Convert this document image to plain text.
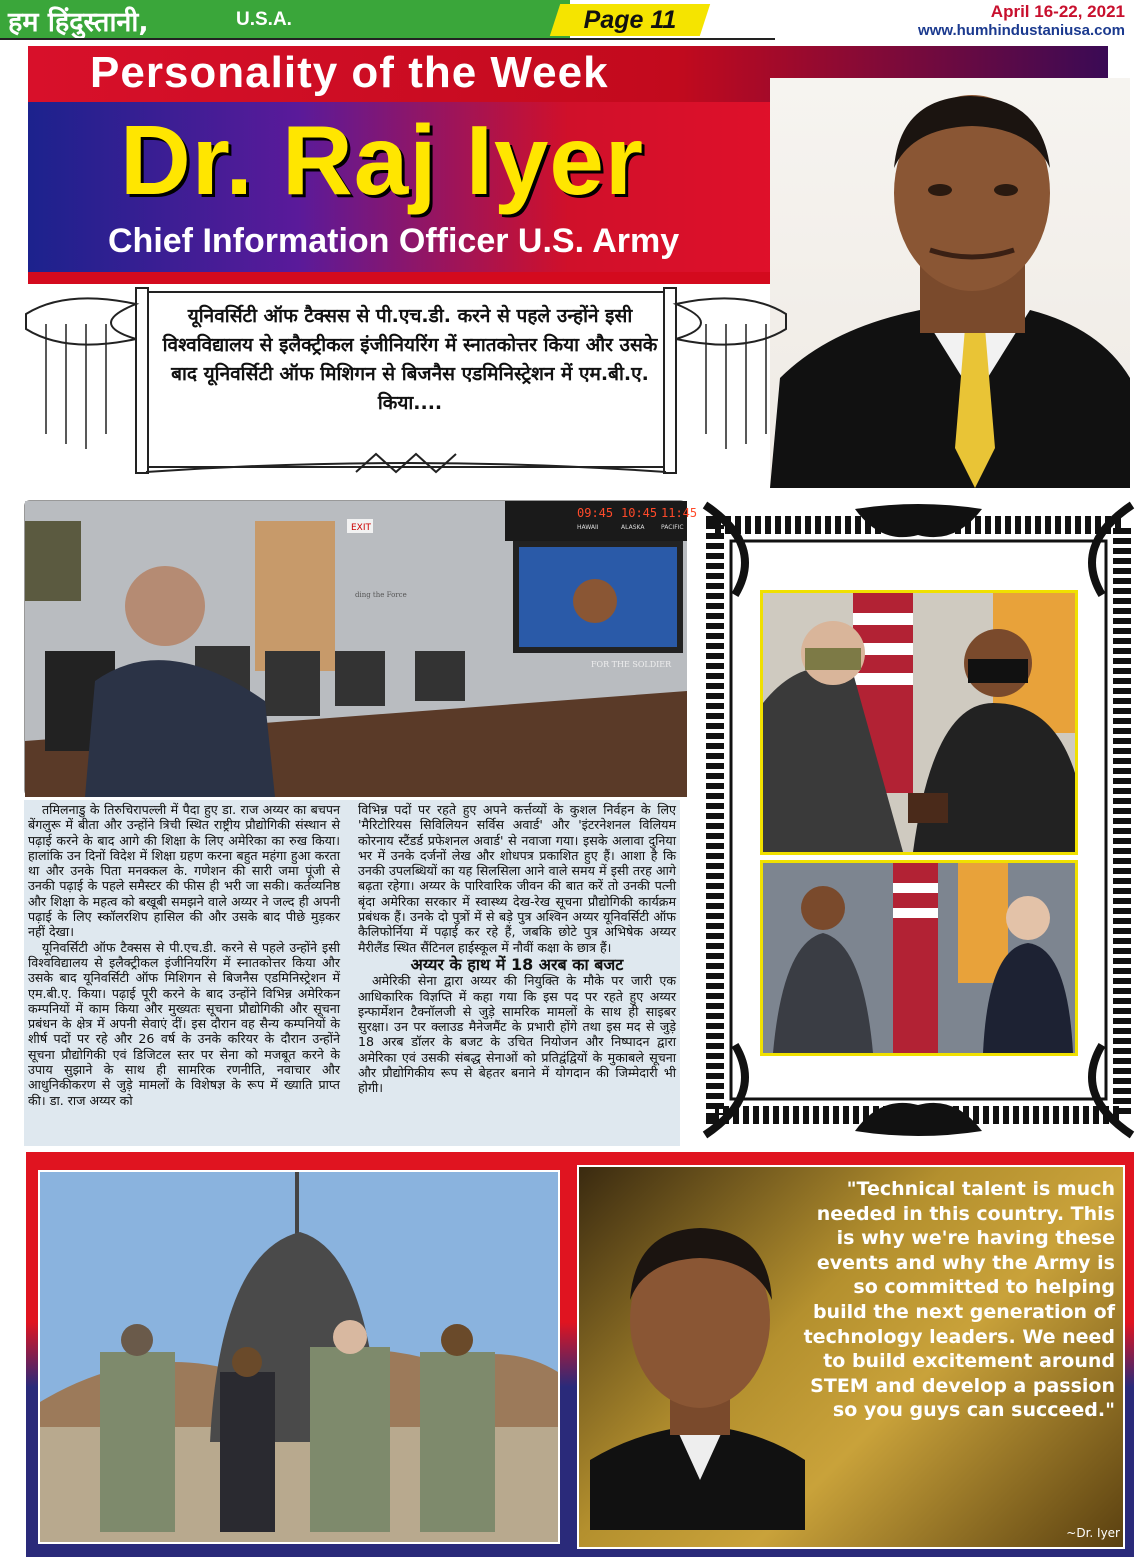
हम हिंदुस्तानी,	U.S.A.	Page 11	April 16-22, 2021
www.humhindustaniusa.com
Personality of the Week
Dr. Raj Iyer
Chief Information Officer U.S. Army
यूनिवर्सिटी ऑफ टैक्सस से पी.एच.डी. करने से पहले उन्होंने इसी विश्वविद्यालय से इलैक्ट्रीकल इंजीनियरिंग में स्नातकोत्तर किया और उसके बाद यूनिवर्सिटी ऑफ मिशिगन से बिजनैस एडमिनिस्ट्रेशन में एम.बी.ए. किया....
09:45 10:45 11:45
HAWAII	ALASKA	PACIFIC
EXIT
ding the Force
FOR THE SOLDIER

तमिलनाडु के तिरुचिरापल्ली में पैदा हुए डा. राज अय्यर का बचपन बेंगलुरू में बीता और उन्होंने त्रिची स्थित राष्ट्रीय प्रौद्योगिकी संस्थान से पढ़ाई करने के बाद आगे की शिक्षा के लिए अमेरिका का रुख किया। हालांकि उन दिनों विदेश में शिक्षा ग्रहण करना बहुत महंगा हुआ करता था और उनके पिता मनक्कल के. गणेशन की सारी जमा पूंजी से उनकी पढ़ाई के पहले समैस्टर की फीस ही भरी जा सकी। कर्तव्यनिष्ठ और शिक्षा के महत्व को बखूबी समझने वाले अय्यर ने जल्द ही अपनी पढ़ाई के लिए स्कॉलरशिप हासिल की और उसके बाद पीछे मुड़कर नहीं देखा।

यूनिवर्सिटी ऑफ टैक्सस से पी.एच.डी. करने से पहले उन्होंने इसी विश्वविद्यालय से इलैक्ट्रीकल इंजीनियरिंग में स्नातकोत्तर किया और उसके बाद यूनिवर्सिटी ऑफ मिशिगन से बिजनैस एडमिनिस्ट्रेशन में एम.बी.ए. किया। पढ़ाई पूरी करने के बाद उन्होंने विभिन्न अमेरिकन कम्पनियों में काम किया और मुख्यतः सूचना प्रौद्योगिकी और सूचना प्रबंधन के क्षेत्र में अपनी सेवाएं दीं। इस दौरान वह सैन्य कम्पनियों के शीर्ष पदों पर रहे और 26 वर्ष के उनके करियर के दौरान उन्होंने सूचना प्रौद्योगिकी एवं डिजिटल स्तर पर सेना को मजबूत करने के उपाय सुझाने के साथ ही सामरिक रणनीति, नवाचार और आधुनिकीकरण से जुड़े मामलों के विशेषज्ञ के रूप में ख्याति प्राप्त की। डा. राज अय्यर को

विभिन्न पदों पर रहते हुए अपने कर्त्तव्यों के कुशल निर्वहन के लिए 'मैरिटोरियस सिविलियन सर्विस अवार्ड' और 'इंटरनेशनल विलियम कोरनाय स्टैंडर्ड प्रफेशनल अवार्ड' से नवाजा गया। इसके अलावा दुनिया भर में उनके दर्जनों लेख और शोधपत्र प्रकाशित हुए हैं। आशा है कि उनकी उपलब्धियों का यह सिलसिला आने वाले समय में इसी तरह आगे बढ़ता रहेगा। अय्यर के पारिवारिक जीवन की बात करें तो उनकी पत्नी बृंदा अमेरिका सरकार में स्वास्थ्य देख-रेख सूचना प्रौद्योगिकी कार्यक्रम प्रबंधक हैं। उनके दो पुत्रों में से बड़े पुत्र अश्विन अय्यर यूनिवर्सिटी ऑफ कैलिफोर्निया में पढ़ाई कर रहे हैं, जबकि छोटे पुत्र अभिषेक अय्यर मैरीलैंड स्थित सैंटिनल हाईस्कूल में नौवीं कक्षा के छात्र हैं।

अय्यर के हाथ में 18 अरब का बजट

अमेरिकी सेना द्वारा अय्यर की नियुक्ति के मौके पर जारी एक आधिकारिक विज्ञप्ति में कहा गया कि इस पद पर रहते हुए अय्यर इन्फार्मेशन टैक्नॉलजी से जुड़े सामरिक मामलों के साथ ही साइबर सुरक्षा। उन पर क्लाउड मैनेजमैंट के प्रभारी होंगे तथा इस मद से जुड़े 18 अरब डॉलर के बजट के उचित नियोजन और निष्पादन द्वारा अमेरिका एवं उसकी संबद्ध सेनाओं को प्रतिद्वंद्वियों के मुकाबले सूचना और प्रौद्योगिकीय रूप से बेहतर बनाने में योगदान की जिम्मेदारी भी होगी।

"Technical talent is much needed in this country. This is why we're having these events and why the Army is so committed to helping build the next generation of technology leaders. We need to build excitement around STEM and develop a passion so you guys can succeed."
~Dr. Iyer
